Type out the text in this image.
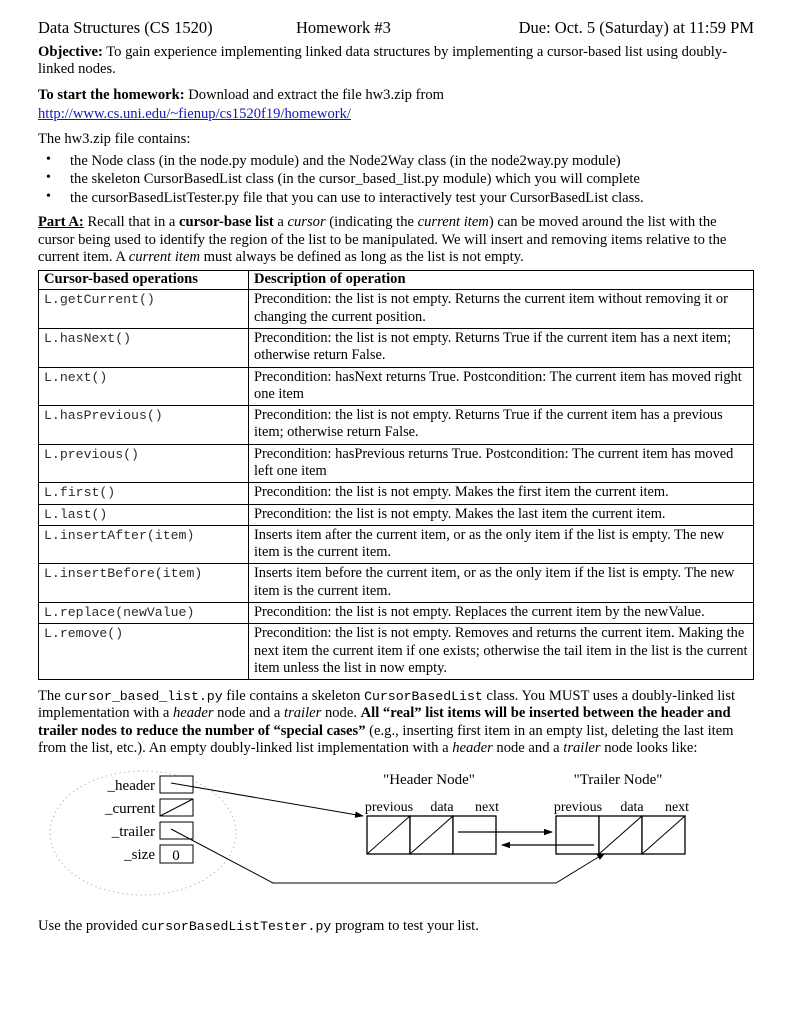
Data Structures (CS 1520)	Homework #3	Due: Oct. 5 (Saturday) at 11:59 PM

Objective: To gain experience implementing linked data structures by implementing a cursor-based list using doubly-linked nodes.

To start the homework: Download and extract the file hw3.zip from

http://www.cs.uni.edu/~fienup/cs1520f19/homework/

The hw3.zip file contains:

• the Node class (in the node.py module) and the Node2Way class (in the node2way.py module)
• the skeleton CursorBasedList class (in the cursor_based_list.py module) which you will complete
• the cursorBasedListTester.py file that you can use to interactively test your CursorBasedList class.

Part A: Recall that in a cursor-base list a cursor (indicating the current item) can be moved around the list with the cursor being used to identify the region of the list to be manipulated. We will insert and removing items relative to the current item. A current item must always be defined as long as the list is not empty.

Cursor-based operations	Description of operation
L.getCurrent()	Precondition: the list is not empty. Returns the current item without removing it or changing the current position.
L.hasNext()	Precondition: the list is not empty. Returns True if the current item has a next item; otherwise return False.
L.next()	Precondition: hasNext returns True. Postcondition: The current item has moved right one item
L.hasPrevious()	Precondition: the list is not empty. Returns True if the current item has a previous item; otherwise return False.
L.previous()	Precondition: hasPrevious returns True. Postcondition: The current item has moved left one item
L.first()	Precondition: the list is not empty. Makes the first item the current item.
L.last()	Precondition: the list is not empty. Makes the last item the current item.
L.insertAfter(item)	Inserts item after the current item, or as the only item if the list is empty. The new item is the current item.
L.insertBefore(item)	Inserts item before the current item, or as the only item if the list is empty. The new item is the current item.
L.replace(newValue)	Precondition: the list is not empty. Replaces the current item by the newValue.
L.remove()	Precondition: the list is not empty. Removes and returns the current item. Making the next item the current item if one exists; otherwise the tail item in the list is the current item unless the list in now empty.

The cursor_based_list.py file contains a skeleton CursorBasedList class. You MUST uses a doubly-linked list implementation with a header node and a trailer node. All “real” list items will be inserted between the header and trailer nodes to reduce the number of “special cases” (e.g., inserting first item in an empty list, deleting the last item from the list, etc.). An empty doubly-linked list implementation with a header node and a trailer node looks like:

_header
_current
_trailer
_size 0
"Header Node"	"Trailer Node"
previous data next	previous data next

Use the provided cursorBasedListTester.py program to test your list.
